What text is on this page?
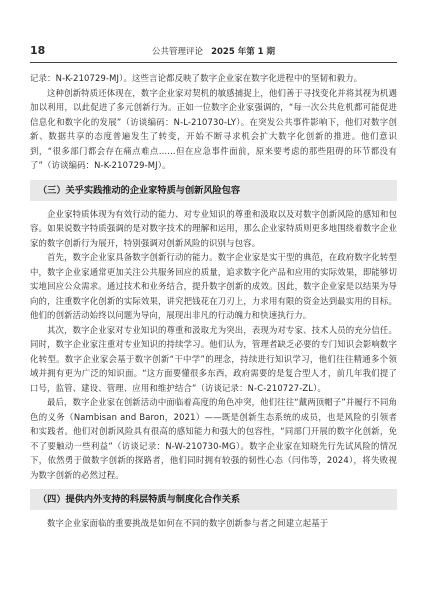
18	公共管理评论 2025 年第 1 期

记录：N-K-210729-MJ）。这些言论都反映了数字企业家在数字化进程中的坚韧和毅力。

这种创新特质还体现在，数字企业家对契机的敏感捕捉上，他们善于寻找变化并将其视为机遇加以利用，以此促进了多元创新行为。正如一位数字企业家强调的，“每一次公共危机都可能促进信息化和数字化的发展”（访谈编码：N-L-210730-LY）。在突发公共事件影响下，他们对数字创新、数据共享的态度普遍发生了转变，开始不断寻求机会扩大数字化创新的推进。他们意识到，“很多部门都会存在痛点难点……但在应急事件面前，原来要考虑的那些阻碍的环节都没有了”（访谈编码：N-K-210729-MJ）。

（三）关乎实践推动的企业家特质与创新风险包容

企业家特质体现为有效行动的能力、对专业知识的尊重和汲取以及对数字创新风险的感知和包容。如果说数字特质强调的是对数字技术的理解和运用，那么企业家特质则更多地围绕着数字企业家的数字创新行为展开，特别强调对创新风险的识别与包容。

首先，数字企业家具备数字创新行动的能力。数字企业家是实干型的典范，在政府数字化转型中，数字企业家通常更加关注公共服务回应的质量，追求数字化产品和应用的实际效果，即能够切实地回应公众需求。通过技术和业务结合，提升数字创新的成效。因此，数字企业家是以结果为导向的，注重数字化创新的实际效果，讲究把钱花在刀刃上，力求用有限的资金达到最实用的目标。他们的创新活动始终以问题为导向，展现出非凡的行动魄力和快速执行力。

其次，数字企业家对专业知识的尊重和汲取尤为突出，表现为对专家、技术人员的充分信任。同时，数字企业家注重对专业知识的持续学习。他们认为，管理者缺乏必要的专门知识会影响数字化转型。数字企业家会基于数字创新“干中学”的理念，持续进行知识学习，他们往往精通多个领域并拥有更为广泛的知识面。“这方面要懂很多东西，政府需要的是复合型人才，前几年我们提了口号，监管、建设、管理、应用和维护结合”（访谈记录：N-C-210727-ZL）。

最后，数字企业家在创新活动中面临着高度的角色冲突，他们往往“戴两顶帽子”并履行不同角色的义务（Nambisan and Baron，2021）——既是创新生态系统的成员，也是风险的引领者和实践者。他们对创新风险具有很高的感知能力和强大的包容性，“同部门开展的数字化创新，免不了要触动一些利益”（访谈记录：N-W-210730-MG）。数字企业家在知晓先行先试风险的情况下，依然勇于做数字创新的探路者，他们同时拥有较强的韧性心态（闫伟等，2024），将失败视为数字创新的必然过程。

（四）提供内外支持的科层特质与制度化合作关系

数字企业家面临的重要挑战是如何在不同的数字创新参与者之间建立起基于
